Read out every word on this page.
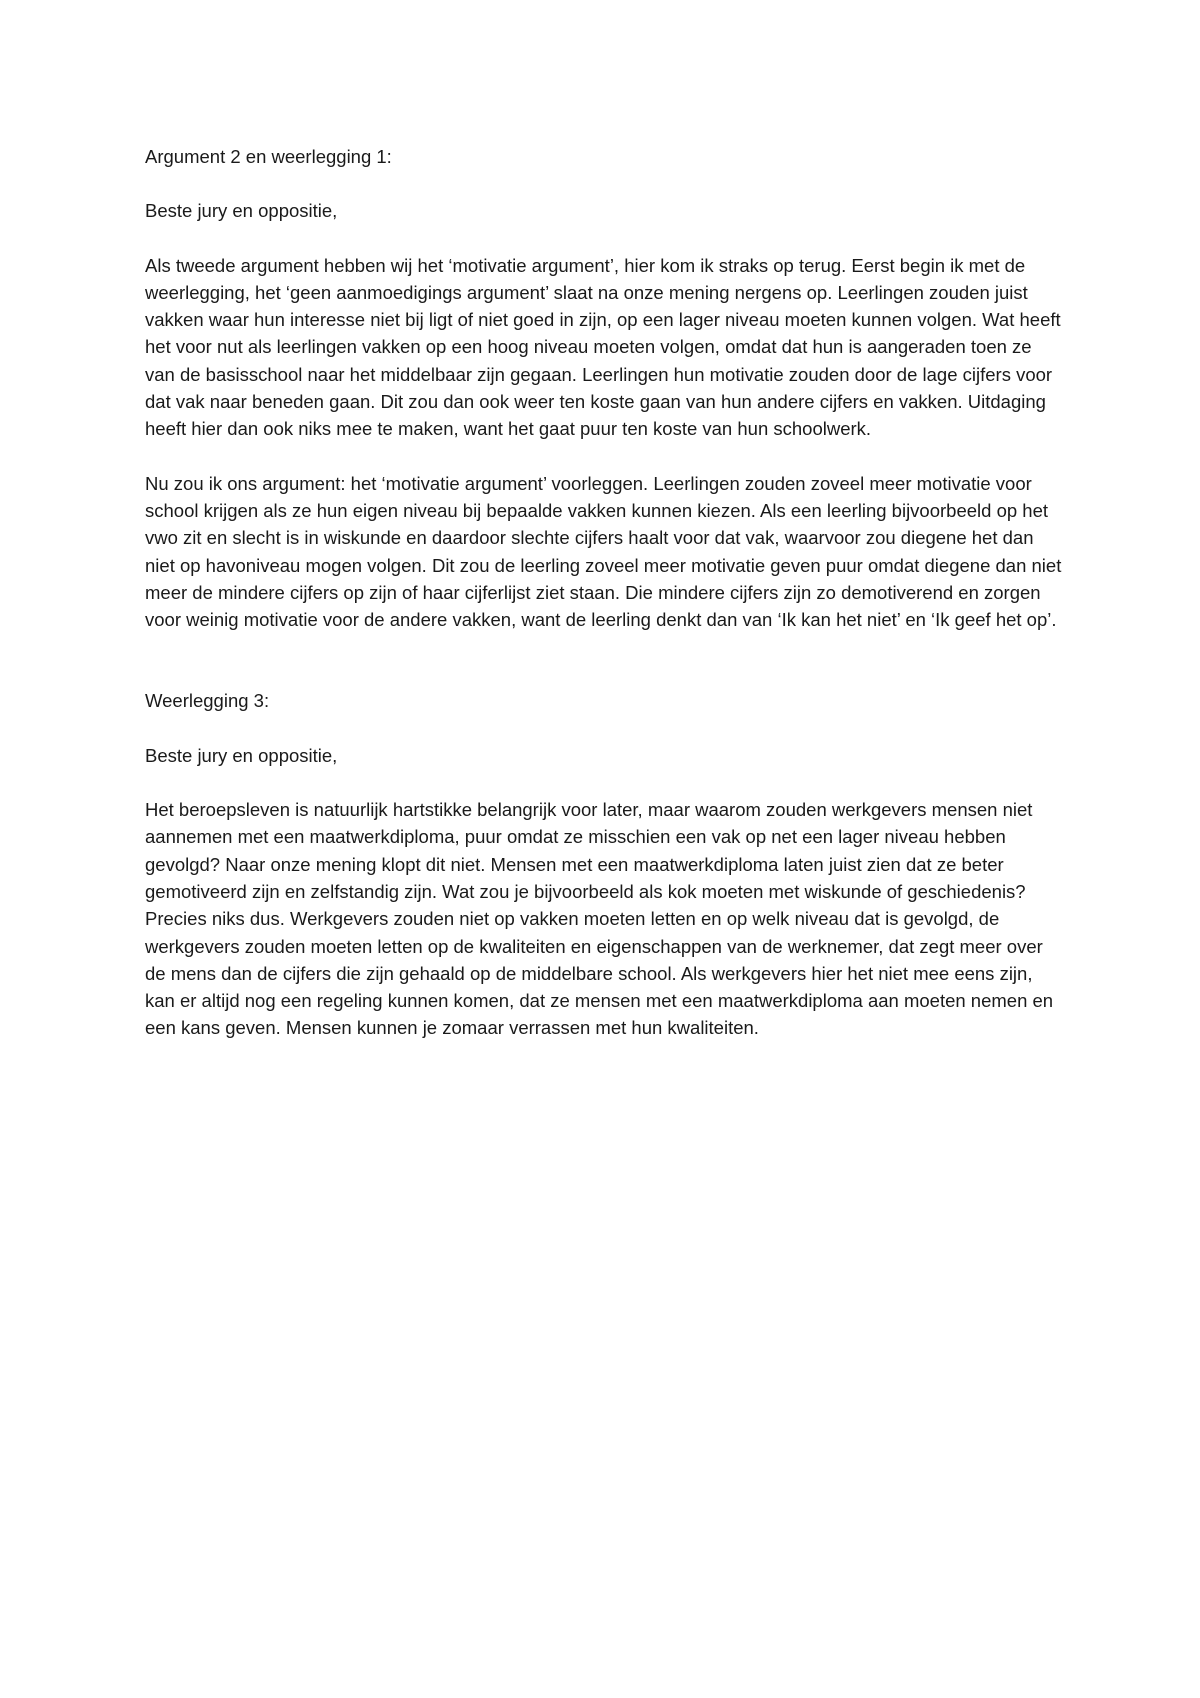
Argument 2 en weerlegging 1:

Beste jury en oppositie,

Als tweede argument hebben wij het ‘motivatie argument’, hier kom ik straks op terug. Eerst begin ik met de weerlegging, het ‘geen aanmoedigings argument’ slaat na onze mening nergens op. Leerlingen zouden juist vakken waar hun interesse niet bij ligt of niet goed in zijn, op een lager niveau moeten kunnen volgen. Wat heeft het voor nut als leerlingen vakken op een hoog niveau moeten volgen, omdat dat hun is aangeraden toen ze van de basisschool naar het middelbaar zijn gegaan. Leerlingen hun motivatie zouden door de lage cijfers voor dat vak naar beneden gaan. Dit zou dan ook weer ten koste gaan van hun andere cijfers en vakken. Uitdaging heeft hier dan ook niks mee te maken, want het gaat puur ten koste van hun schoolwerk.

Nu zou ik ons argument: het ‘motivatie argument’ voorleggen. Leerlingen zouden zoveel meer motivatie voor school krijgen als ze hun eigen niveau bij bepaalde vakken kunnen kiezen. Als een leerling bijvoorbeeld op het vwo zit en slecht is in wiskunde en daardoor slechte cijfers haalt voor dat vak, waarvoor zou diegene het dan niet op havoniveau mogen volgen. Dit zou de leerling zoveel meer motivatie geven puur omdat diegene dan niet meer de mindere cijfers op zijn of haar cijferlijst ziet staan. Die mindere cijfers zijn zo demotiverend en zorgen voor weinig motivatie voor de andere vakken, want de leerling denkt dan van ‘Ik kan het niet’ en ‘Ik geef het op’.

Weerlegging 3:

Beste jury en oppositie,

Het beroepsleven is natuurlijk hartstikke belangrijk voor later, maar waarom zouden werkgevers mensen niet aannemen met een maatwerkdiploma, puur omdat ze misschien een vak op net een lager niveau hebben gevolgd? Naar onze mening klopt dit niet. Mensen met een maatwerkdiploma laten juist zien dat ze beter gemotiveerd zijn en zelfstandig zijn. Wat zou je bijvoorbeeld als kok moeten met wiskunde of geschiedenis? Precies niks dus. Werkgevers zouden niet op vakken moeten letten en op welk niveau dat is gevolgd, de werkgevers zouden moeten letten op de kwaliteiten en eigenschappen van de werknemer, dat zegt meer over de mens dan de cijfers die zijn gehaald op de middelbare school. Als werkgevers hier het niet mee eens zijn, kan er altijd nog een regeling kunnen komen, dat ze mensen met een maatwerkdiploma aan moeten nemen en een kans geven. Mensen kunnen je zomaar verrassen met hun kwaliteiten.
